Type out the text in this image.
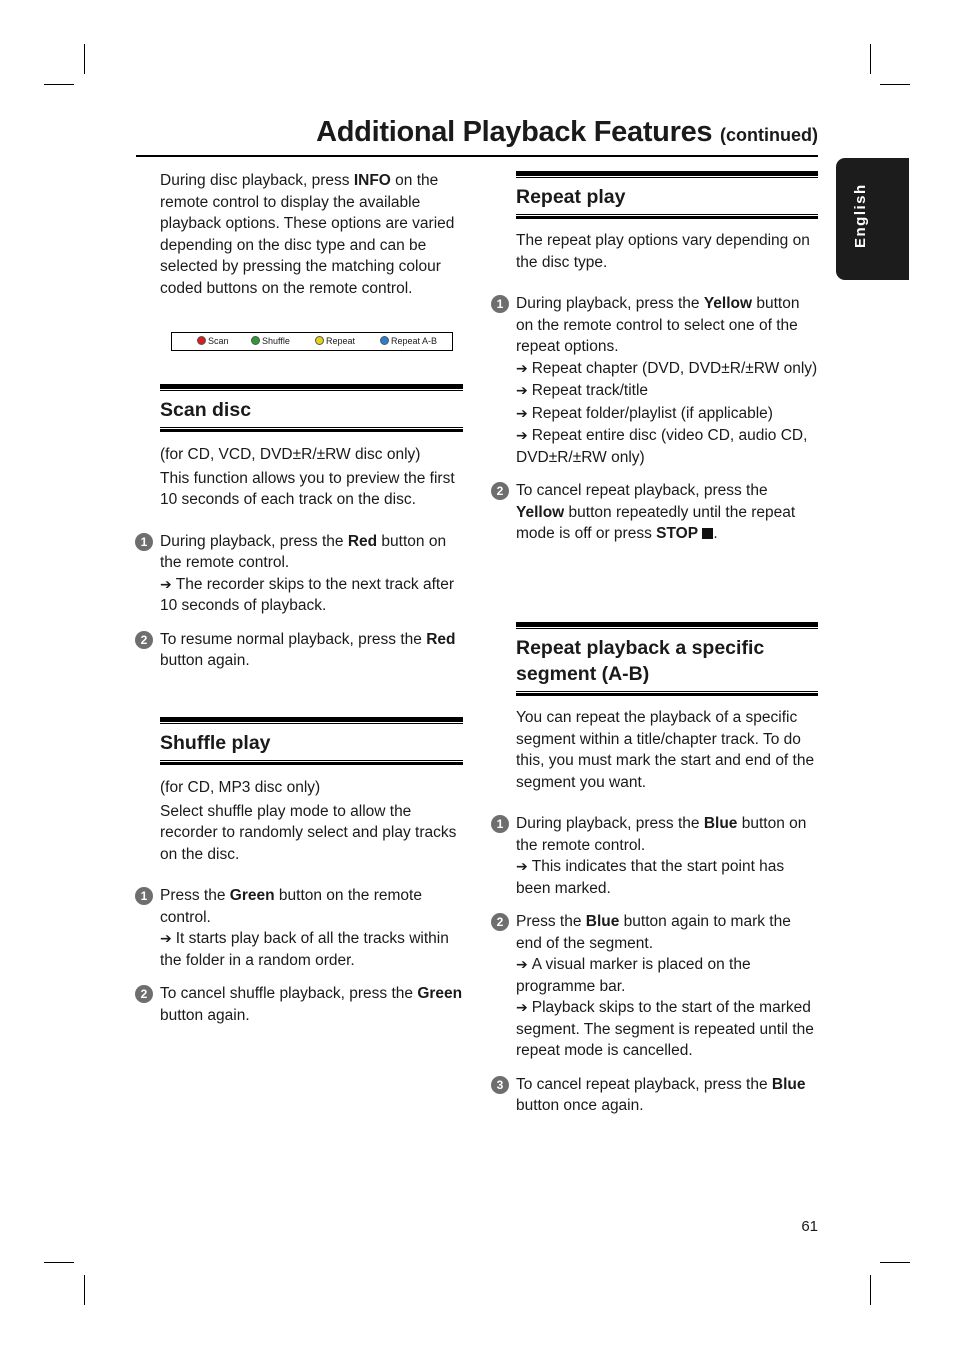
Additional Playback Features (continued)
English

During disc playback, press INFO on the remote control to display the available playback options. These options are varied depending on the disc type and can be selected by pressing the matching colour coded buttons on the remote control.

Scan	Shuffle	Repeat	Repeat A-B
Scan disc

(for CD, VCD, DVD±R/±RW disc only)

This function allows you to preview the first 10 seconds of each track on the disc.

1 During playback, press the Red button on the remote control.
➔ The recorder skips to the next track after 10 seconds of playback.
2 To resume normal playback, press the Red button again.
Shuffle play

(for CD, MP3 disc only)

Select shuffle play mode to allow the recorder to randomly select and play tracks on the disc.

1 Press the Green button on the remote control.
➔ It starts play back of all the tracks within the folder in a random order.
2 To cancel shuffle playback, press the Green button again.
Repeat play

The repeat play options vary depending on the disc type.

1 During playback, press the Yellow button on the remote control to select one of the repeat options.
➔ Repeat chapter (DVD, DVD±R/±RW only)
➔ Repeat track/title
➔ Repeat folder/playlist (if applicable)
➔ Repeat entire disc (video CD, audio CD, DVD±R/±RW only)
2 To cancel repeat playback, press the Yellow button repeatedly until the repeat mode is off or press STOP .
Repeat playback a specific segment (A-B)

You can repeat the playback of a specific segment within a title/chapter track. To do this, you must mark the start and end of the segment you want.

1 During playback, press the Blue button on the remote control.
➔ This indicates that the start point has been marked.
2 Press the Blue button again to mark the end of the segment.
➔ A visual marker is placed on the programme bar.
➔ Playback skips to the start of the marked segment. The segment is repeated until the repeat mode is cancelled.
3 To cancel repeat playback, press the Blue button once again.
61
